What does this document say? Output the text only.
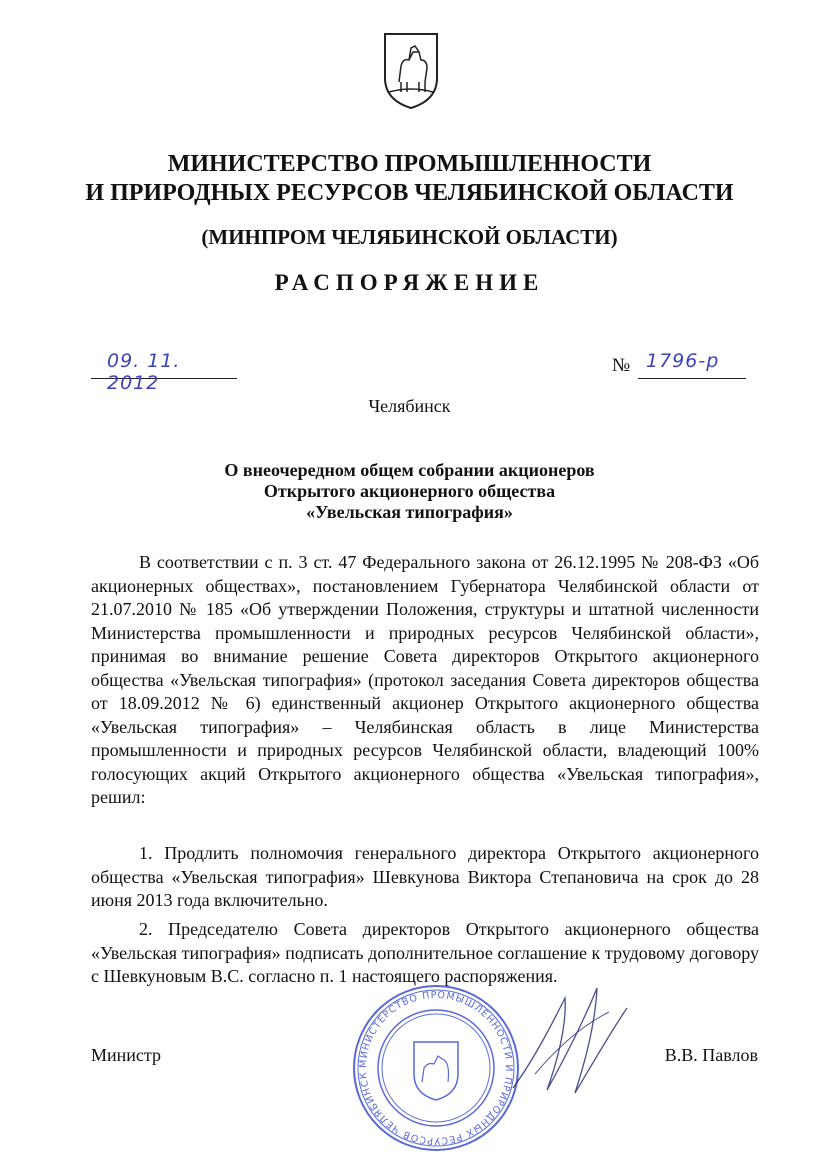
МИНИСТЕРСТВО ПРОМЫШЛЕННОСТИ
И ПРИРОДНЫХ РЕСУРСОВ ЧЕЛЯБИНСКОЙ ОБЛАСТИ
(МИНПРОМ ЧЕЛЯБИНСКОЙ ОБЛАСТИ)
РАСПОРЯЖЕНИЕ
09. 11. 2012
№ 1796-р
Челябинск
О внеочередном общем собрании акционеров
Открытого акционерного общества
«Увельская типография»

В соответствии с п. 3 ст. 47 Федерального закона от 26.12.1995 № 208-ФЗ «Об акционерных обществах», постановлением Губернатора Челябинской области от 21.07.2010 № 185 «Об утверждении Положения, структуры и штатной численности Министерства промышленности и природных ресурсов Челябинской области», принимая во внимание решение Совета директоров Открытого акционерного общества «Увельская типография» (протокол заседания Совета директоров общества от 18.09.2012 № 6) единственный акционер Открытого акционерного общества «Увельская типография» – Челябинская область в лице Министерства промышленности и природных ресурсов Челябинской области, владеющий 100% голосующих акций Открытого акционерного общества «Увельская типография», решил:

1. Продлить полномочия генерального директора Открытого акционерного общества «Увельская типография» Шевкунова Виктора Степановича на срок до 28 июня 2013 года включительно.

2. Председателю Совета директоров Открытого акционерного общества «Увельская типография» подписать дополнительное соглашение к трудовому договору с Шевкуновым В.С. согласно п. 1 настоящего распоряжения.

МИНИСТЕРСТВО ПРОМЫШЛЕННОСТИ И ПРИРОДНЫХ РЕСУРСОВ ЧЕЛЯБИНСК
Министр	В.В. Павлов
